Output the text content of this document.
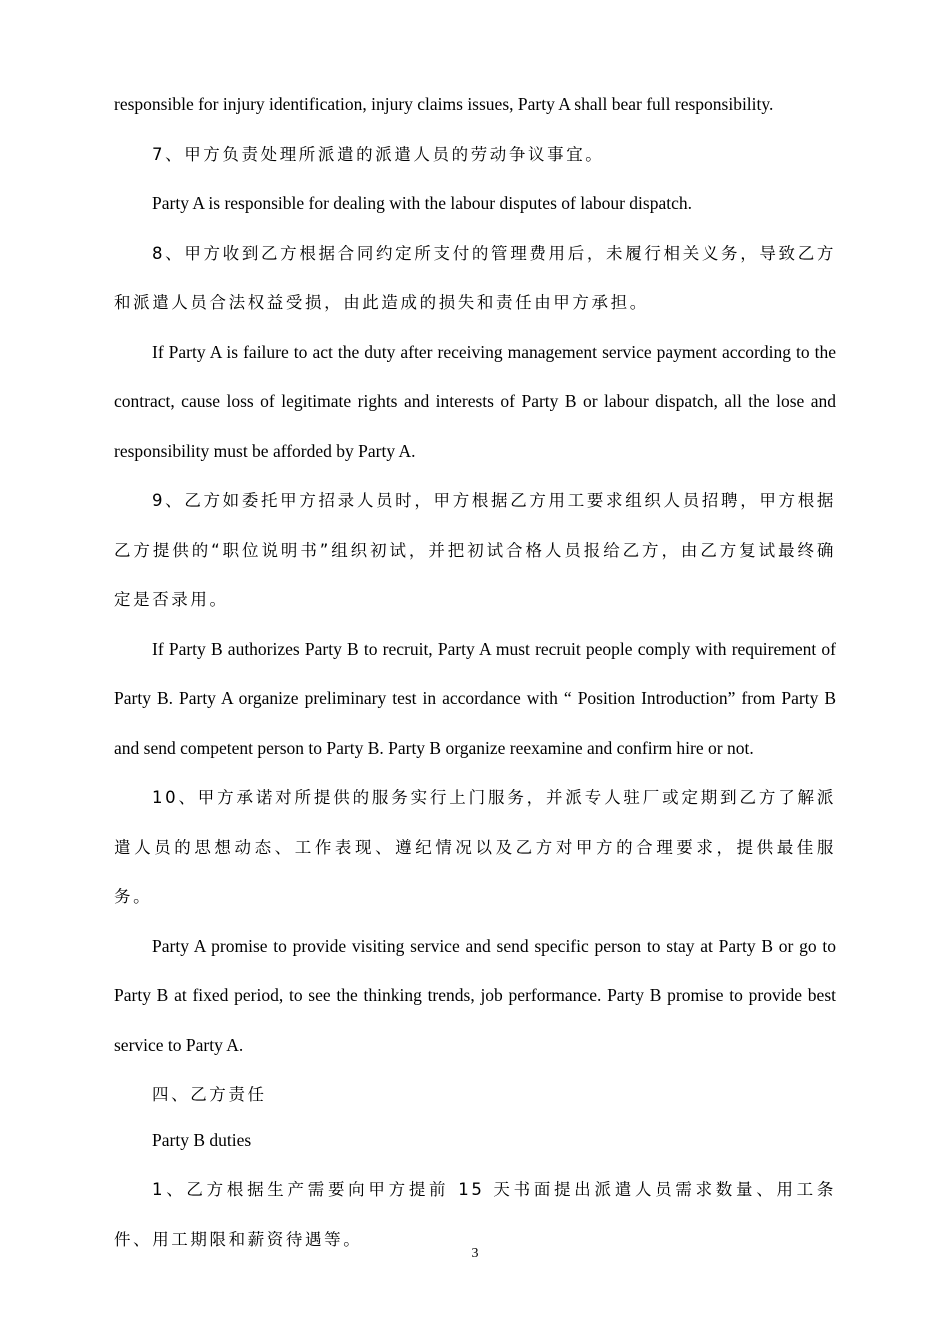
responsible for injury identification, injury claims issues, Party A shall bear full responsibility.

7、甲方负责处理所派遣的派遣人员的劳动争议事宜。

Party A is responsible for dealing with the labour disputes of labour dispatch.

8、甲方收到乙方根据合同约定所支付的管理费用后，未履行相关义务，导致乙方和派遣人员合法权益受损，由此造成的损失和责任由甲方承担。

If Party A is failure to act the duty after receiving management service payment according to the contract, cause loss of legitimate rights and interests of Party B or labour dispatch, all the lose and responsibility must be afforded by Party A.

9、乙方如委托甲方招录人员时，甲方根据乙方用工要求组织人员招聘，甲方根据乙方提供的“职位说明书”组织初试，并把初试合格人员报给乙方，由乙方复试最终确定是否录用。

If Party B authorizes Party B to recruit, Party A must recruit people comply with requirement of Party B. Party A organize preliminary test in accordance with “ Position Introduction” from Party B and send competent person to Party B. Party B organize reexamine and confirm hire or not.

10、甲方承诺对所提供的服务实行上门服务，并派专人驻厂或定期到乙方了解派遣人员的思想动态、工作表现、遵纪情况以及乙方对甲方的合理要求，提供最佳服务。

Party A promise to provide visiting service and send specific person to stay at Party B or go to Party B at fixed period, to see the thinking trends, job performance. Party B promise to provide best service to Party A.

四、乙方责任

Party B duties

1、乙方根据生产需要向甲方提前 15 天书面提出派遣人员需求数量、用工条件、用工期限和薪资待遇等。

3
